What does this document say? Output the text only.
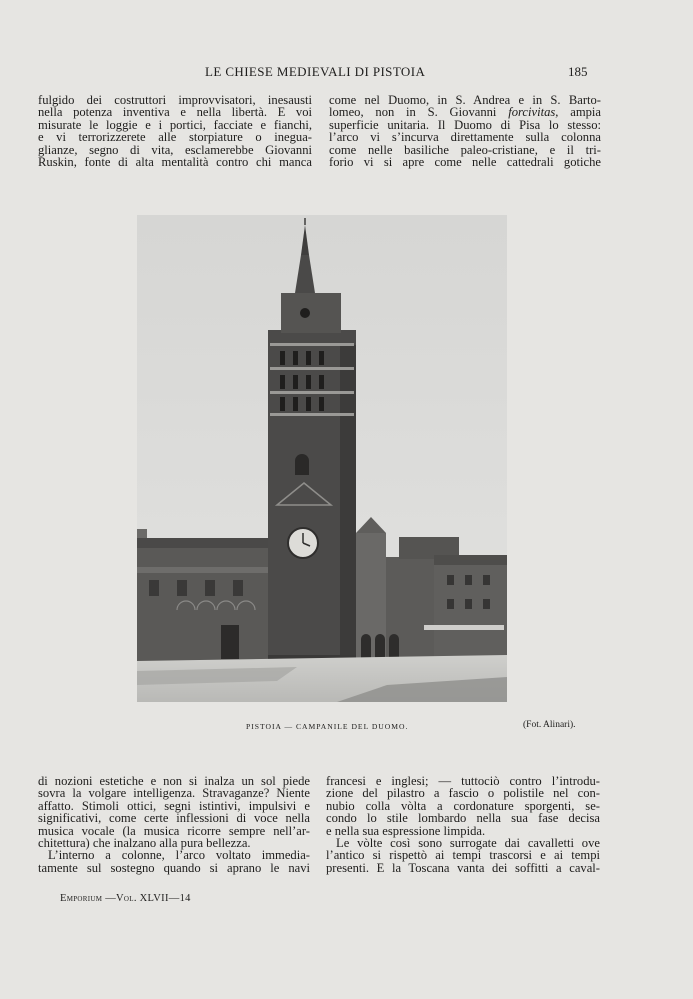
LE CHIESE MEDIEVALI DI PISTOIA	185
fulgido dei costruttori improvvisatori, inesausti
nella potenza inventiva e nella libertà. E voi
misurate le loggie e i portici, facciate e fianchi,
e vi terrorizzerete alle storpiature o inegua-
glianze, segno di vita, esclamerebbe Giovanni
Ruskin, fonte di alta mentalità contro chi manca
come nel Duomo, in S. Andrea e in S. Barto-
lomeo, non in S. Giovanni forcivitas, ampia
superficie unitaria. Il Duomo di Pisa lo stesso:
l’arco vi s’incurva direttamente sulla colonna
come nelle basiliche paleo-cristiane, e il tri-
forio vi si apre come nelle cattedrali gotiche
PISTOIA — CAMPANILE DEL DUOMO.	(Fot. Alinari).
di nozioni estetiche e non si inalza un sol piede
sovra la volgare intelligenza. Stravaganze? Niente
affatto. Stimoli ottici, segni istintivi, impulsivi e
significativi, come certe inflessioni di voce nella
musica vocale (la musica ricorre sempre nell’ar-
chitettura) che inalzano alla pura bellezza.
L’interno a colonne, l’arco voltato immedia-
tamente sul sostegno quando si aprano le navi
francesi e inglesi; — tuttociò contro l’introdu-
zione del pilastro a fascio o polistile nel con-
nubio colla vòlta a cordonature sporgenti, se-
condo lo stile lombardo nella sua fase decisa
e nella sua espressione limpida.
Le vòlte così sono surrogate dai cavalletti ove
l’antico si rispettò ai tempi trascorsi e ai tempi
presenti. E la Toscana vanta dei soffitti a caval-
Emporium —Vol. XLVII—14
